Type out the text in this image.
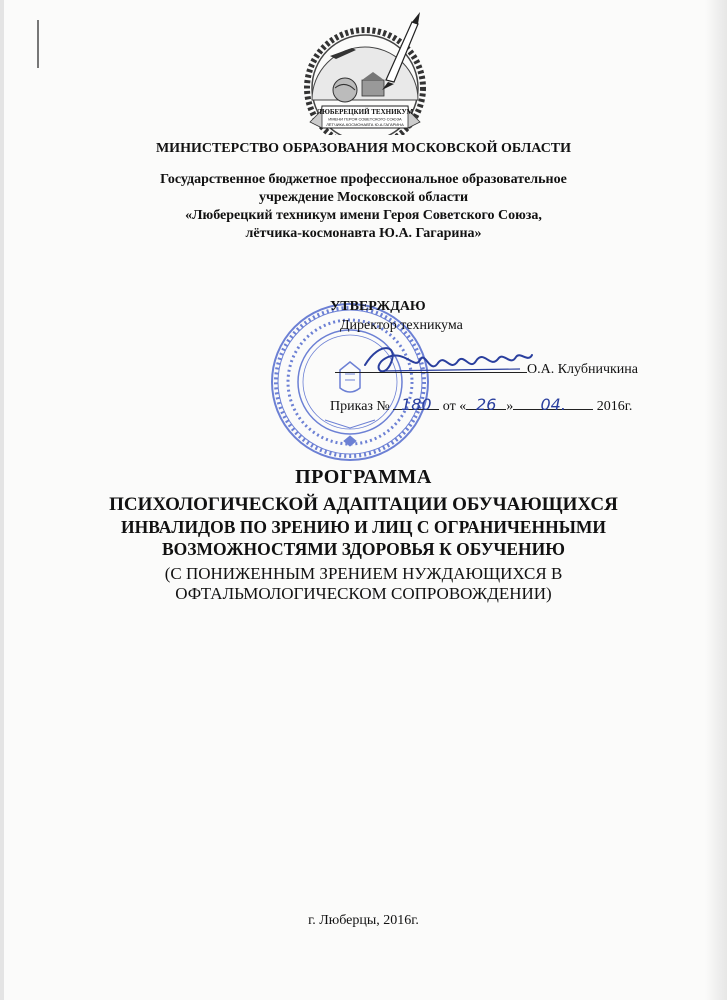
ЛЮБЕРЕЦКИЙ ТЕХНИКУМ
ИМЕНИ ГЕРОЯ СОВЕТСКОГО СОЮЗА
ЛЁТЧИКА-КОСМОНАВТА Ю.А.ГАГАРИНА
МИНИСТЕРСТВО ОБРАЗОВАНИЯ МОСКОВСКОЙ ОБЛАСТИ
Государственное бюджетное профессиональное образовательное
учреждение Московской области
«Люберецкий техникум имени Героя Советского Союза,
лётчика-космонавта Ю.А. Гагарина»
УТВЕРЖДАЮ
Директор техникума
О.А. Клубничкина
Приказ № 180 от « 26 » 04. 2016г.
ПРОГРАММА
ПСИХОЛОГИЧЕСКОЙ АДАПТАЦИИ ОБУЧАЮЩИХСЯ
ИНВАЛИДОВ ПО ЗРЕНИЮ И ЛИЦ С ОГРАНИЧЕННЫМИ
ВОЗМОЖНОСТЯМИ ЗДОРОВЬЯ К ОБУЧЕНИЮ
(С ПОНИЖЕННЫМ ЗРЕНИЕМ НУЖДАЮЩИХСЯ В
ОФТАЛЬМОЛОГИЧЕСКОМ СОПРОВОЖДЕНИИ)
г. Люберцы, 2016г.
